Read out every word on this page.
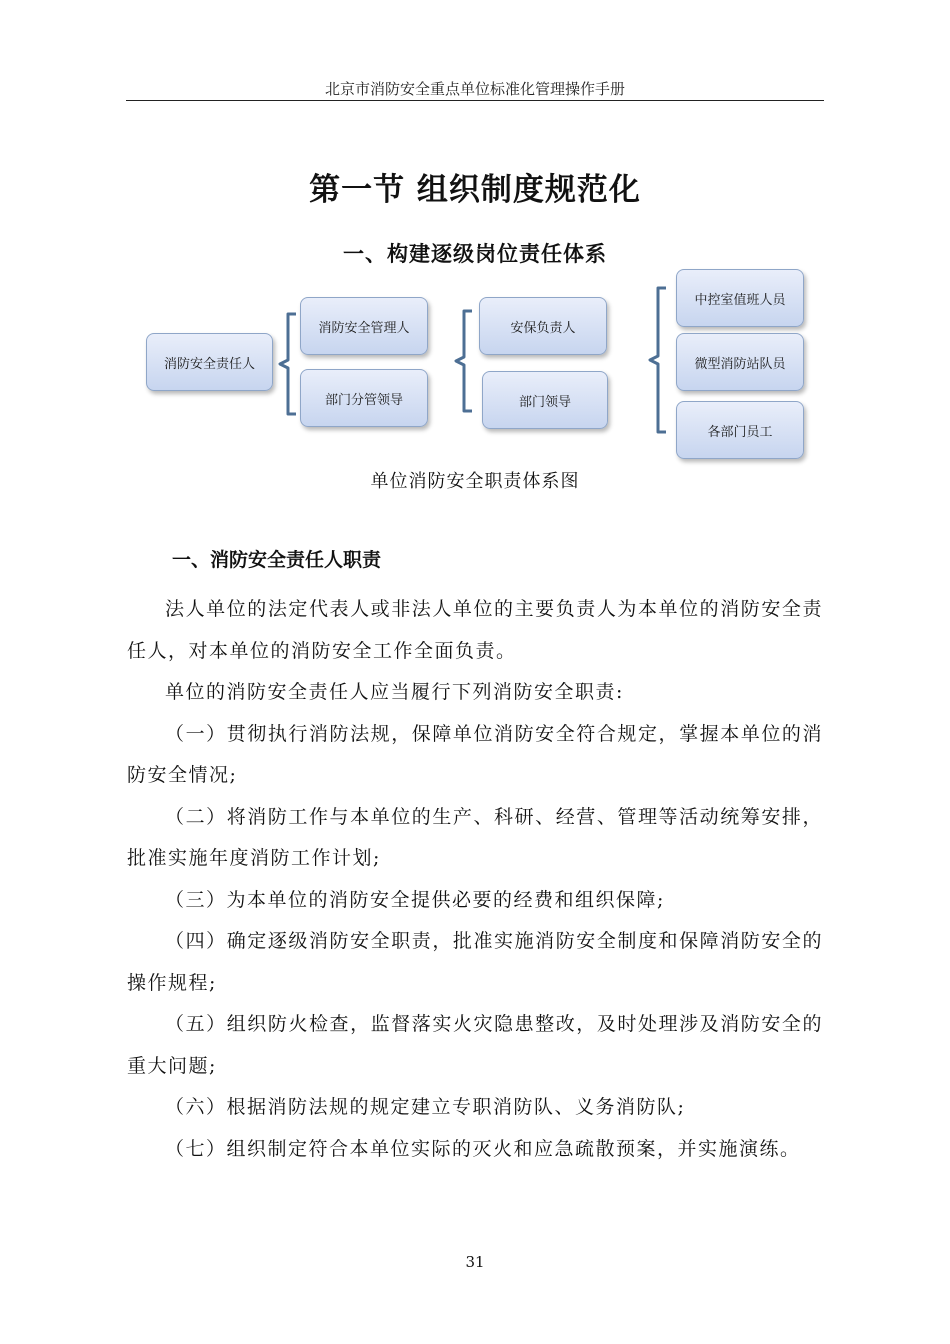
北京市消防安全重点单位标准化管理操作手册
第一节 组织制度规范化
一、构建逐级岗位责任体系
消防安全责任人
消防安全管理人
部门分管领导
安保负责人
部门领导
中控室值班人员
微型消防站队员
各部门员工
单位消防安全职责体系图
一、消防安全责任人职责

法人单位的法定代表人或非法人单位的主要负责人为本单位的消防安全责任人，对本单位的消防安全工作全面负责。

单位的消防安全责任人应当履行下列消防安全职责:

（一）贯彻执行消防法规，保障单位消防安全符合规定，掌握本单位的消防安全情况;

（二）将消防工作与本单位的生产、科研、经营、管理等活动统筹安排，批准实施年度消防工作计划;

（三）为本单位的消防安全提供必要的经费和组织保障;

（四）确定逐级消防安全职责，批准实施消防安全制度和保障消防安全的操作规程;

（五）组织防火检查，监督落实火灾隐患整改，及时处理涉及消防安全的重大问题;

（六）根据消防法规的规定建立专职消防队、义务消防队;

（七）组织制定符合本单位实际的灭火和应急疏散预案，并实施演练。

31
